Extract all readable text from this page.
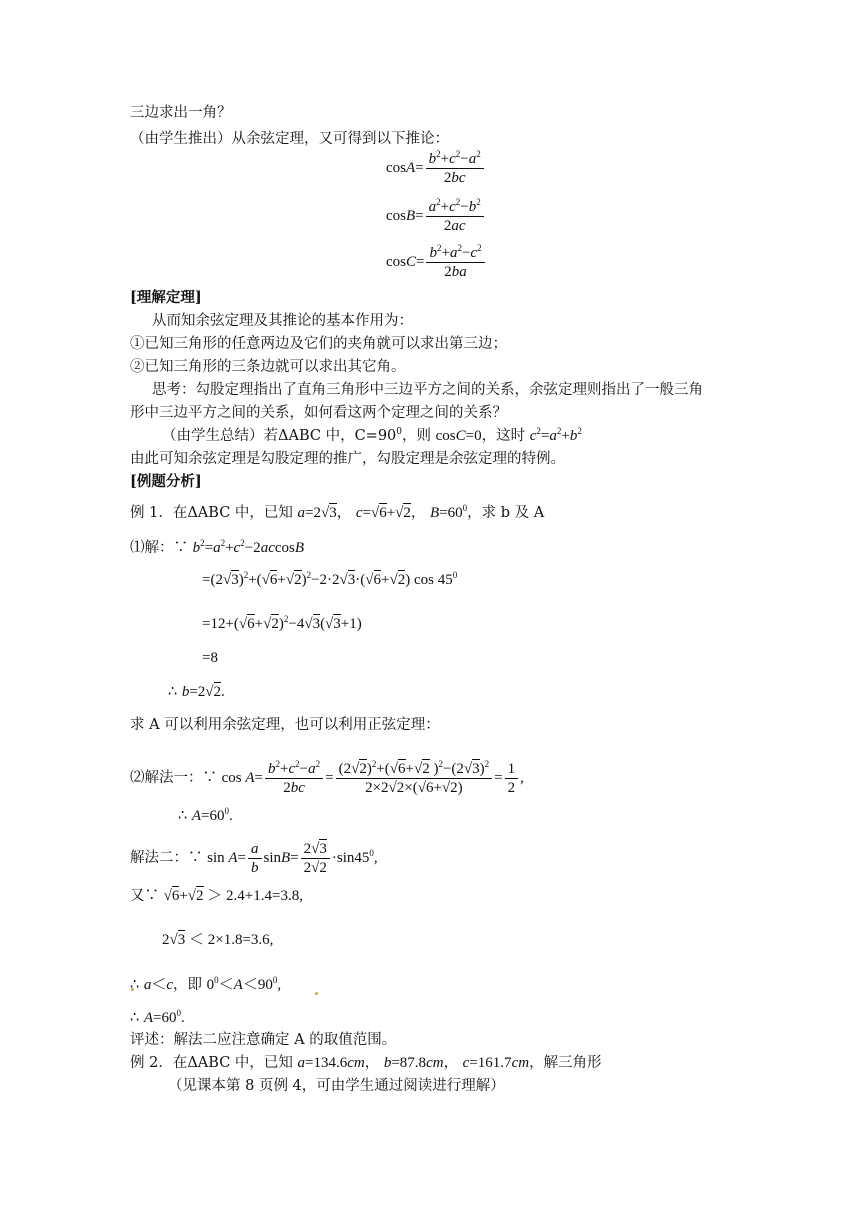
三边求出一角？
（由学生推出）从余弦定理，又可得到以下推论：
$\cos A= \frac{b^2+c^2-a^2}{2bc}$
$\cos B= \frac{a^2+c^2-b^2}{2ac}$
$\cos C= \frac{b^2+a^2-c^2}{2ba}$
[理解定理]
从而知余弦定理及其推论的基本作用为：
①已知三角形的任意两边及它们的夹角就可以求出第三边；
②已知三角形的三条边就可以求出其它角。
思考：勾股定理指出了直角三角形中三边平方之间的关系，余弦定理则指出了一般三角
形中三边平方之间的关系，如何看这两个定理之间的关系？
（由学生总结）若ΔABC 中，$C=90^0$，则 cosC=0，这时 $c^2=a^2+b^2$
由此可知余弦定理是勾股定理的推广，勾股定理是余弦定理的特例。
[例题分析]
例 1．在ΔABC 中，已知 a=2√3， c=√6+√2， $B=60^0$，求 b 及 A
⑴解：∵ $b^2=a^2+c^2-2accosB$
$=(2√3)^2+(√6+√2)^2-2\cdot 2√3\cdot(√6+√2)$ $\cos 45^0$
$=12+(√6+√2)^2-4√3(√3+1)$
=8
∴ b=2√2.
求 A 可以利用余弦定理，也可以利用正弦定理：
⑵解法一：∵ $\cos A= \frac{b^2+c^2-a^2}{2bc} = \frac{(2√2)^2+(√6+√2 )^2-(2√3)^2}{2\times 2√2\times(√6+√2)} = \frac{1}{2}$ ,
∴ $A=60^0$.
解法二：∵ $\sin A= \frac{a}{b} \sin B= \frac{2√3}{2√2} \cdot\sin 45^0$,
又∵ √6+√2 ＞ 2.4+1.4=3.8,
2√3 ＜ 2×1.8=3.6,
∴ a＜c，即 $0^0<A<90^0$,
∴ $A=60^0$.
评述：解法二应注意确定 A 的取值范围。
例 2．在ΔABC 中，已知 a=134.6cm， b=87.8cm， c=161.7cm，解三角形
（见课本第 8 页例 4，可由学生通过阅读进行理解）
